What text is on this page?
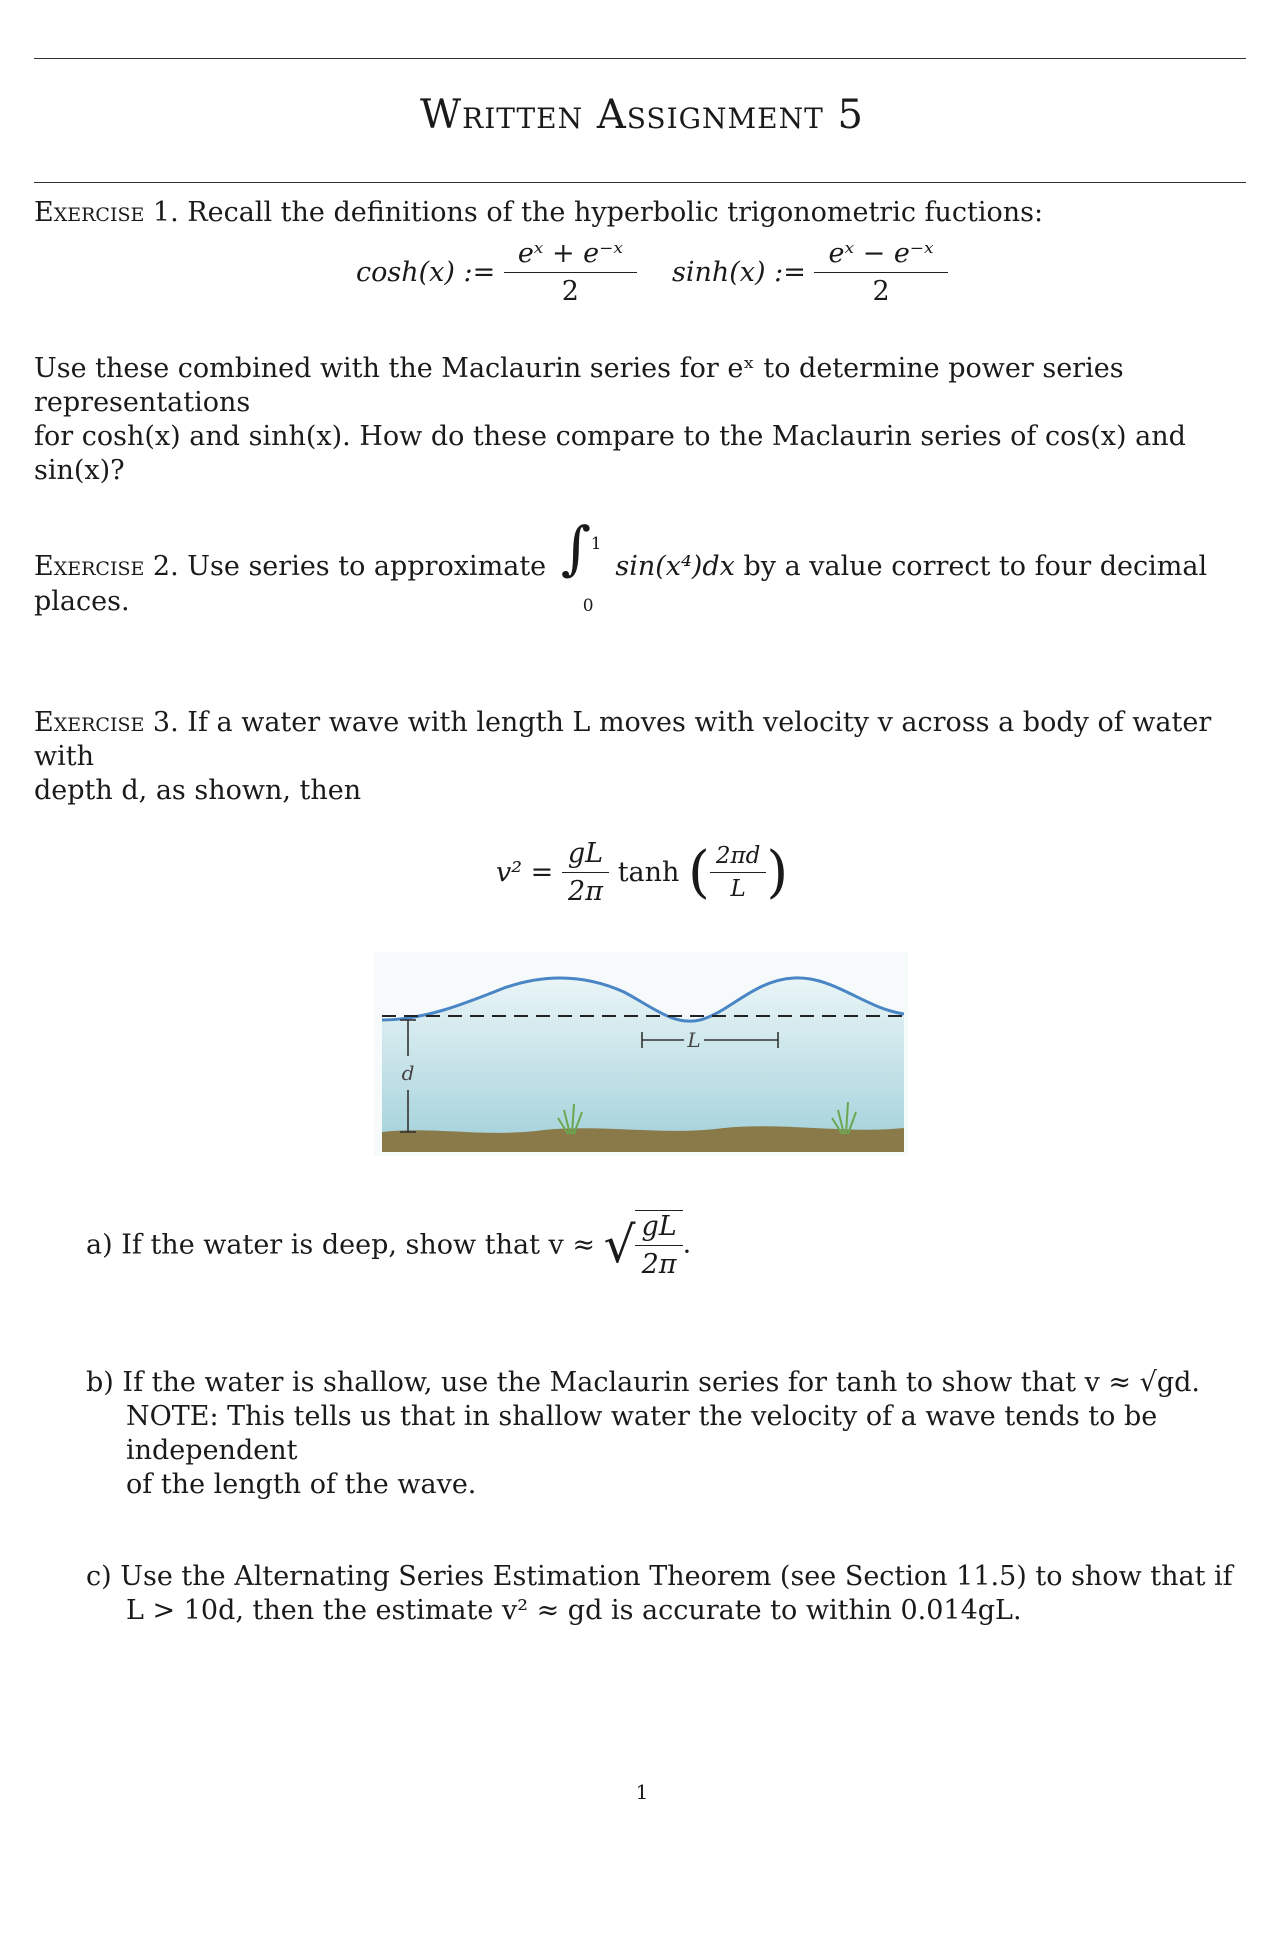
Written Assignment 5
Exercise 1. Recall the definitions of the hyperbolic trigonometric fuctions:
cosh(x) := $\frac{\text{eˣ + e⁻ˣ}}{2} \sinh(x)$ := $\frac{\text{eˣ − e⁻ˣ}}{2}$
Use these combined with the Maclaurin series for eˣ to determine power series representations
for cosh(x) and sinh(x). How do these compare to the Maclaurin series of cos(x) and sin(x)?
Exercise 2. Use series to approximate ∫ 1
0
sin(x⁴)dx by a value correct to four decimal places.
Exercise 3. If a water wave with length L moves with velocity v across a body of water with
depth d, as shown, then
$v^2 = \frac{gL}{2\pi}$ tanh ( $\frac{2\pi d}{L}$ )
d
L
a) If the water is deep, show that v ≈ √ $\frac{gL}{2\pi}$ .
b) If the water is shallow, use the Maclaurin series for tanh to show that v ≈ √gd.
NOTE: This tells us that in shallow water the velocity of a wave tends to be independent
of the length of the wave.
c) Use the Alternating Series Estimation Theorem (see Section 11.5) to show that if
L > 10d, then the estimate v² ≈ gd is accurate to within 0.014gL.
1
